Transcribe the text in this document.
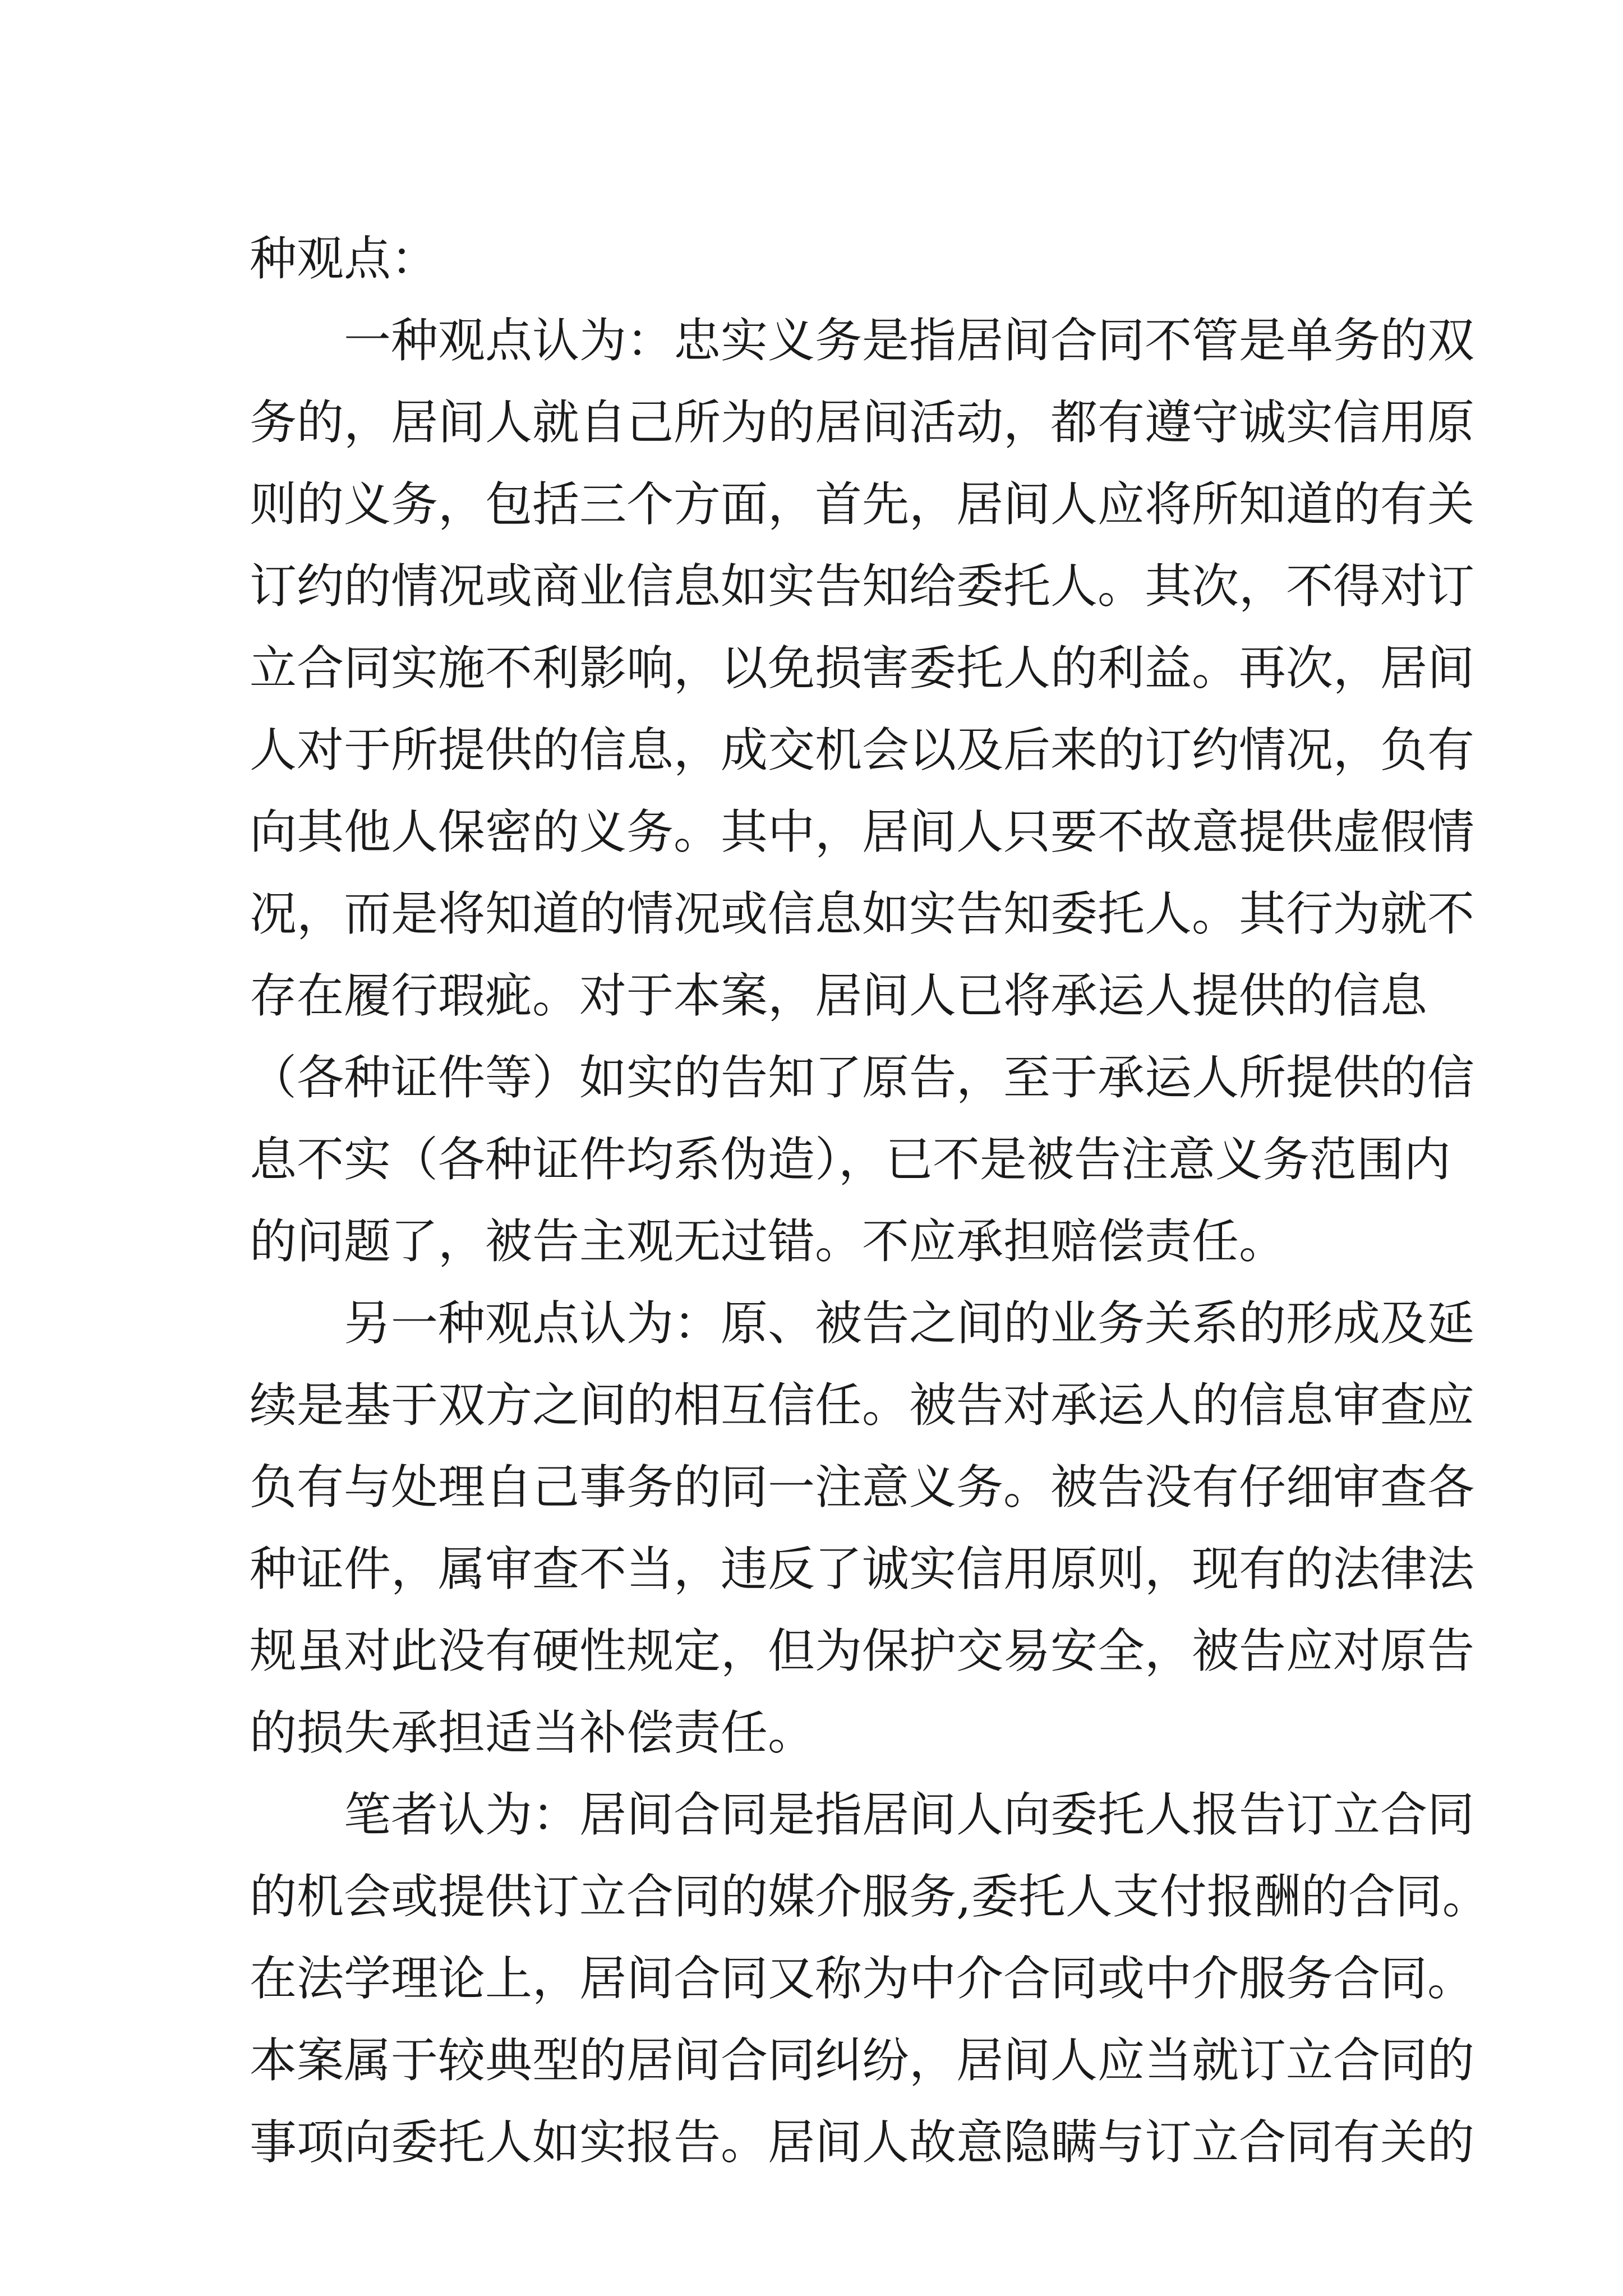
种观点：
一种观点认为：忠实义务是指居间合同不管是单务的双
务的，居间人就自己所为的居间活动，都有遵守诚实信用原
则的义务，包括三个方面，首先，居间人应将所知道的有关
订约的情况或商业信息如实告知给委托人。其次，不得对订
立合同实施不利影响，以免损害委托人的利益。再次，居间
人对于所提供的信息，成交机会以及后来的订约情况，负有
向其他人保密的义务。其中，居间人只要不故意提供虚假情
况，而是将知道的情况或信息如实告知委托人。其行为就不
存在履行瑕疵。对于本案，居间人已将承运人提供的信息
（各种证件等）如实的告知了原告，至于承运人所提供的信
息不实（各种证件均系伪造），已不是被告注意义务范围内
的问题了，被告主观无过错。不应承担赔偿责任。
另一种观点认为：原、被告之间的业务关系的形成及延
续是基于双方之间的相互信任。被告对承运人的信息审查应
负有与处理自己事务的同一注意义务。被告没有仔细审查各
种证件，属审查不当，违反了诚实信用原则，现有的法律法
规虽对此没有硬性规定，但为保护交易安全，被告应对原告
的损失承担适当补偿责任。
笔者认为：居间合同是指居间人向委托人报告订立合同
的机会或提供订立合同的媒介服务,委托人支付报酬的合同。
在法学理论上，居间合同又称为中介合同或中介服务合同。
本案属于较典型的居间合同纠纷，居间人应当就订立合同的
事项向委托人如实报告。居间人故意隐瞒与订立合同有关的
